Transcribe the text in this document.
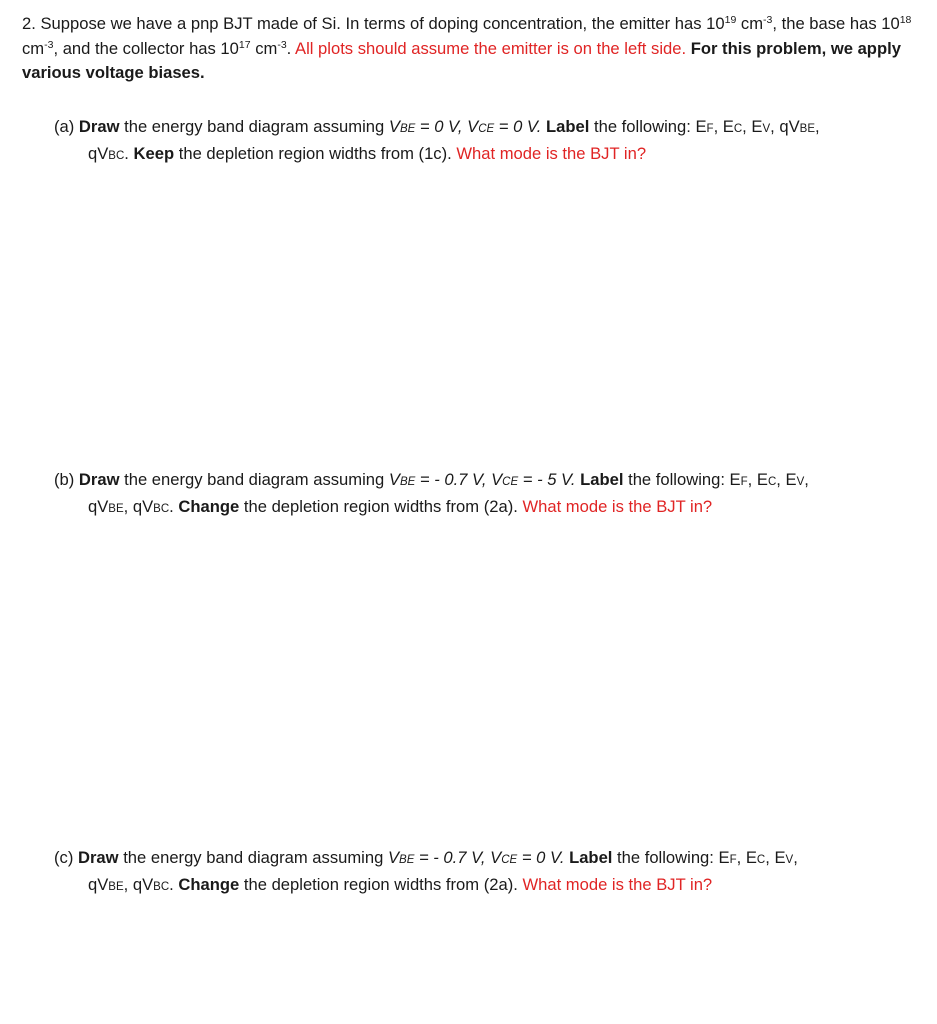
2. Suppose we have a pnp BJT made of Si. In terms of doping concentration, the emitter has $10^{19}$ $cm^{-3}$, the base has $10^{18}$ $cm^{-3}$, and the collector has $10^{17}$ $cm^{-3}$. All plots should assume the emitter is on the left side. For this problem, we apply various voltage biases.
(a) Draw the energy band diagram assuming VBE = 0 V, VCE = 0 V. Label the following: EF, EC, EV, qVBE,
qVBC. Keep the depletion region widths from (1c). What mode is the BJT in?
(b) Draw the energy band diagram assuming VBE = - 0.7 V, VCE = - 5 V. Label the following: EF, EC, EV,
qVBE, qVBC. Change the depletion region widths from (2a). What mode is the BJT in?
(c) Draw the energy band diagram assuming VBE = - 0.7 V, VCE = 0 V. Label the following: EF, EC, EV,
qVBE, qVBC. Change the depletion region widths from (2a). What mode is the BJT in?
